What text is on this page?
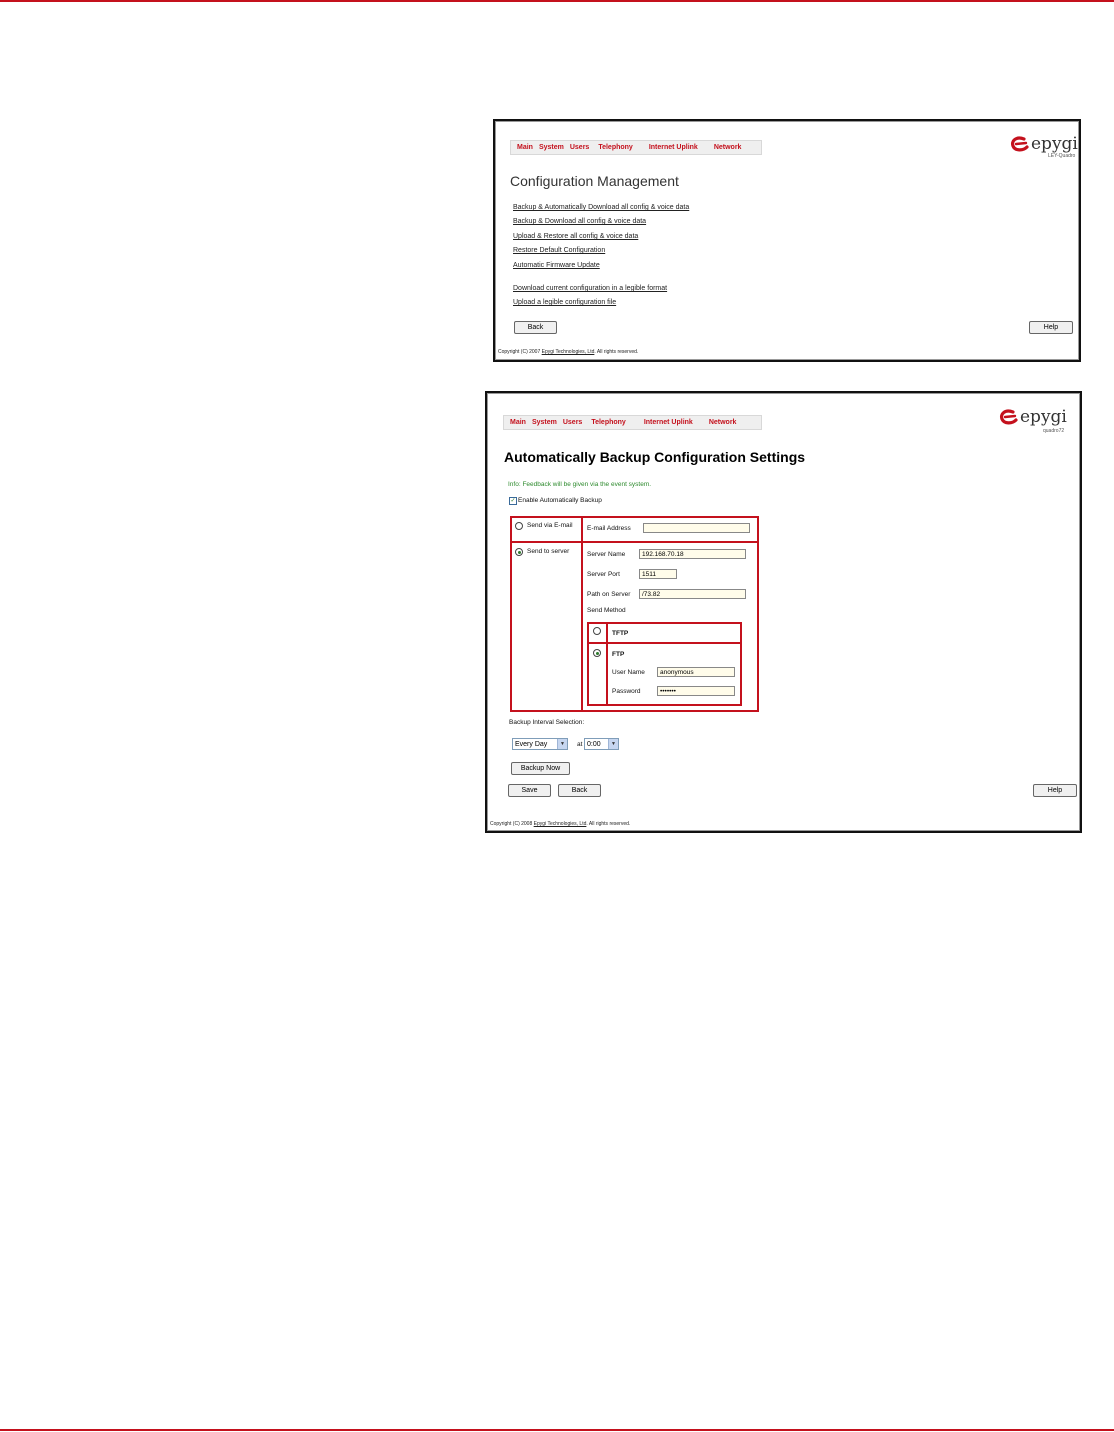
Main System Users Telephony Internet Uplink Network	epygi
LEY-Quadro
Configuration Management
Backup & Automatically Download all config & voice data
Backup & Download all config & voice data
Upload & Restore all config & voice data
Restore Default Configuration
Automatic Firmware Update
Download current configuration in a legible format
Upload a legible configuration file
Back	Help
Copyright (C) 2007 Epygi Technologies, Ltd. All rights reserved.
Main System Users Telephony	Internet Uplink Network	epygi
quadro72
Automatically Backup Configuration Settings
Info: Feedback will be given via the event system.
✓ Enable Automatically Backup
Send via E-mail E-mail Address
Send to server	Server Name	192.168.70.18
Server Port	1511
Path on Server	/73.82
Send Method
TFTP
FTP
User Name	anonymous
Password	•••••••
Backup Interval Selection:
Every Day	▼	at 0:00	▼
Backup Now
Save	Back	Help
Copyright (C) 2008 Epygi Technologies, Ltd. All rights reserved.
